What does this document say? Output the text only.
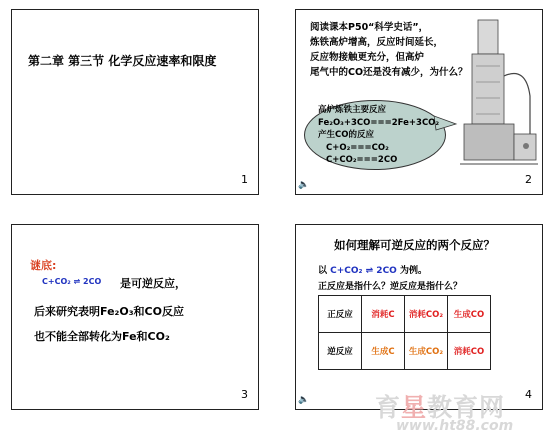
第二章 第三节 化学反应速率和限度
1
阅读课本P50“科学史话”，
炼铁高炉增高，反应时间延长，
反应物接触更充分，但高炉
尾气中的CO还是没有减少，为什么？
高炉炼铁主要反应
Fe₂O₃+3CO===2Fe+3CO₂
产生CO的反应
C+O₂===CO₂
C+CO₂===2CO
🔈	2
谜底:
C+CO₂ ⇌ 2CO 是可逆反应，
后来研究表明Fe₂O₃和CO反应
也不能全部转化为Fe和CO₂
3
如何理解可逆反应的两个反应？
以 C+CO₂ ⇌ 2CO 为例。
正反应是指什么？逆反应是指什么？
正反应	消耗C	消耗CO₂	生成CO
逆反应	生成C	生成CO₂	消耗CO
🔈	4
育星教育网
www.ht88.com
